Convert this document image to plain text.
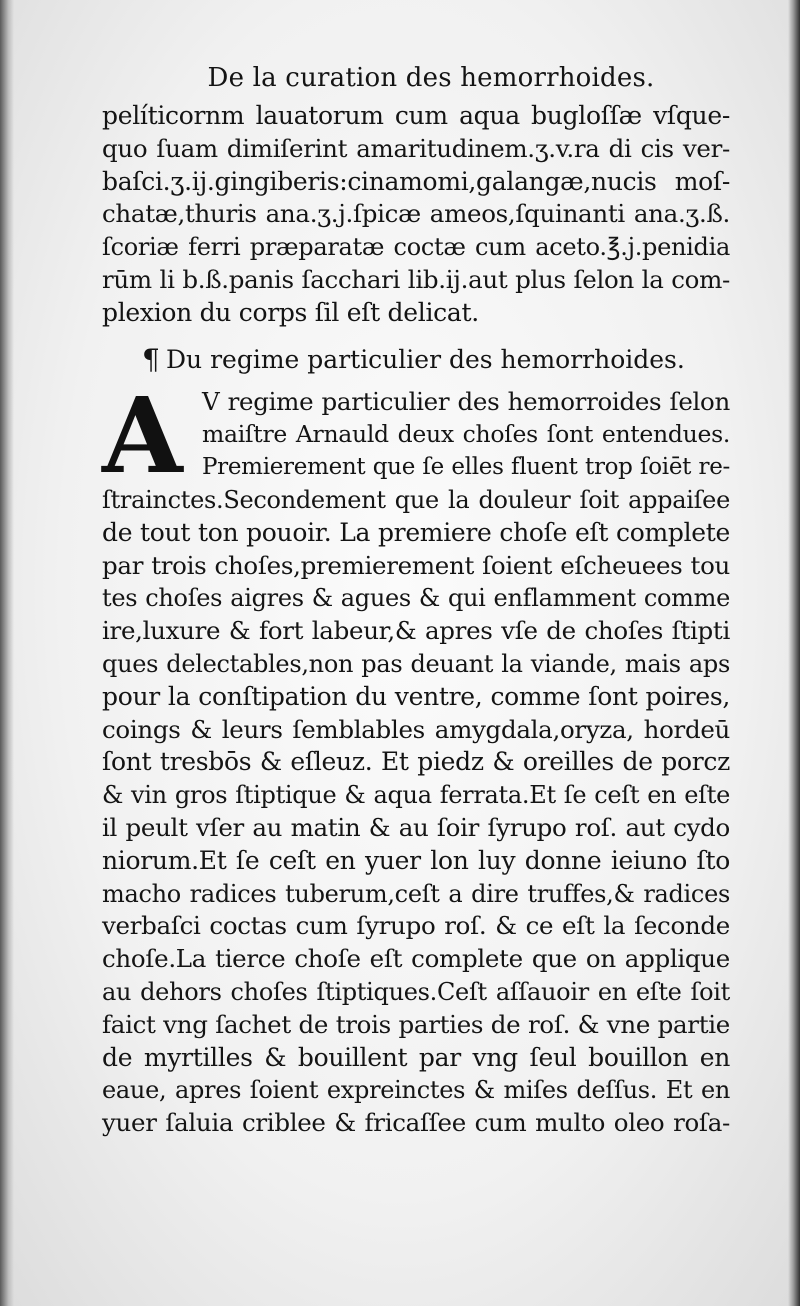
De la curation des hemorrhoides.
pelíticornm lauatorum cum aqua bugloſſæ vſque-
quo ſuam dimiſerint amaritudinem.ʒ.v.ra di cis ver-
baſci.ʒ.ij.gingiberis:cinamomi,galangæ,nucis moſ-
chatæ,thuris ana.ʒ.j.ſpicæ ameos,ſquinanti ana.ʒ.ß.
ſcoriæ ferri præparatæ coctæ cum aceto.℥.j.penidia
rūm li b.ß.panis ſacchari lib.ij.aut plus ſelon la com-
plexion du corps ſil eſt delicat.
¶ Du regime particulier des hemorrhoides.
A V regime particulier des hemorroides ſelon
maiſtre Arnauld deux choſes ſont entendues.
Premierement que ſe elles fluent trop ſoiēt re-
ſtrainctes.Secondement que la douleur ſoit appaiſee
de tout ton pouoir. La premiere choſe eſt complete
par trois choſes,premierement ſoient eſcheuees tou
tes choſes aigres & agues & qui enflamment comme
ire,luxure & fort labeur,& apres vſe de choſes ſtipti
ques delectables,non pas deuant la viande, mais aps
pour la conſtipation du ventre, comme ſont poires,
coings & leurs ſemblables amygdala,oryza, hordeū
ſont tresbōs & eſleuz. Et piedz & oreilles de porcz
& vin gros ſtiptique & aqua ferrata.Et ſe ceſt en eſte
il peult vſer au matin & au ſoir ſyrupo roſ. aut cydo
niorum.Et ſe ceſt en yuer lon luy donne ieiuno ſto
macho radices tuberum,ceſt a dire truffes,& radices
verbaſci coctas cum ſyrupo roſ. & ce eſt la ſeconde
choſe.La tierce choſe eſt complete que on applique
au dehors choſes ſtiptiques.Ceſt aſſauoir en eſte ſoit
faict vng ſachet de trois parties de roſ. & vne partie
de myrtilles & bouillent par vng ſeul bouillon en
eaue, apres ſoient expreinctes & miſes deſſus. Et en
yuer ſaluia criblee & fricaſſee cum multo oleo roſa-
